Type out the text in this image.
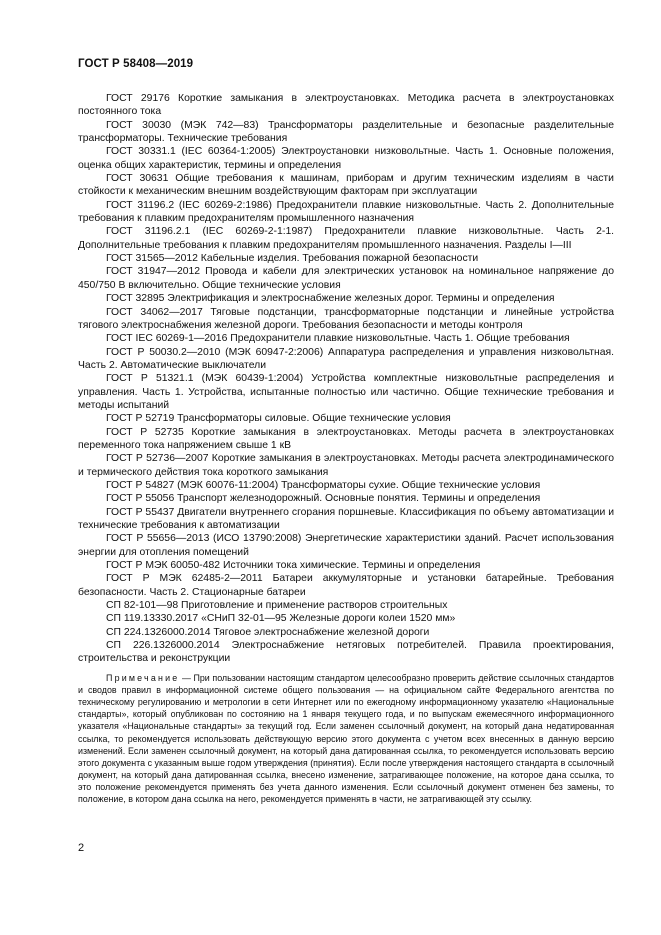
ГОСТ Р 58408—2019

ГОСТ 29176 Короткие замыкания в электроустановках. Методика расчета в электроустановках постоянного тока

ГОСТ 30030 (МЭК 742—83) Трансформаторы разделительные и безопасные разделительные трансформаторы. Технические требования

ГОСТ 30331.1 (IEC 60364-1:2005) Электроустановки низковольтные. Часть 1. Основные положения, оценка общих характеристик, термины и определения

ГОСТ 30631 Общие требования к машинам, приборам и другим техническим изделиям в части стойкости к механическим внешним воздействующим факторам при эксплуатации

ГОСТ 31196.2 (IEC 60269-2:1986) Предохранители плавкие низковольтные. Часть 2. Дополнительные требования к плавким предохранителям промышленного назначения

ГОСТ 31196.2.1 (IEC 60269-2-1:1987) Предохранители плавкие низковольтные. Часть 2-1. Дополнительные требования к плавким предохранителям промышленного назначения. Разделы I—III

ГОСТ 31565—2012 Кабельные изделия. Требования пожарной безопасности

ГОСТ 31947—2012 Провода и кабели для электрических установок на номинальное напряжение до 450/750 В включительно. Общие технические условия

ГОСТ 32895 Электрификация и электроснабжение железных дорог. Термины и определения

ГОСТ 34062—2017 Тяговые подстанции, трансформаторные подстанции и линейные устройства тягового электроснабжения железной дороги. Требования безопасности и методы контроля

ГОСТ IEC 60269-1—2016 Предохранители плавкие низковольтные. Часть 1. Общие требования

ГОСТ Р 50030.2—2010 (МЭК 60947-2:2006) Аппаратура распределения и управления низковольтная. Часть 2. Автоматические выключатели

ГОСТ Р 51321.1 (МЭК 60439-1:2004) Устройства комплектные низковольтные распределения и управления. Часть 1. Устройства, испытанные полностью или частично. Общие технические требования и методы испытаний

ГОСТ Р 52719 Трансформаторы силовые. Общие технические условия

ГОСТ Р 52735 Короткие замыкания в электроустановках. Методы расчета в электроустановках переменного тока напряжением свыше 1 кВ

ГОСТ Р 52736—2007 Короткие замыкания в электроустановках. Методы расчета электродинамического и термического действия тока короткого замыкания

ГОСТ Р 54827 (МЭК 60076-11:2004) Трансформаторы сухие. Общие технические условия

ГОСТ Р 55056 Транспорт железнодорожный. Основные понятия. Термины и определения

ГОСТ Р 55437 Двигатели внутреннего сгорания поршневые. Классификация по объему автоматизации и технические требования к автоматизации

ГОСТ Р 55656—2013 (ИСО 13790:2008) Энергетические характеристики зданий. Расчет использования энергии для отопления помещений

ГОСТ Р МЭК 60050-482 Источники тока химические. Термины и определения

ГОСТ Р МЭК 62485-2—2011 Батареи аккумуляторные и установки батарейные. Требования безопасности. Часть 2. Стационарные батареи

СП 82-101—98 Приготовление и применение растворов строительных

СП 119.13330.2017 «СНиП 32-01—95 Железные дороги колеи 1520 мм»

СП 224.1326000.2014 Тяговое электроснабжение железной дороги

СП 226.1326000.2014 Электроснабжение нетяговых потребителей. Правила проектирования, строительства и реконструкции

Примечание — При пользовании настоящим стандартом целесообразно проверить действие ссылочных стандартов и сводов правил в информационной системе общего пользования — на официальном сайте Федерального агентства по техническому регулированию и метрологии в сети Интернет или по ежегодному информационному указателю «Национальные стандарты», который опубликован по состоянию на 1 января текущего года, и по выпускам ежемесячного информационного указателя «Национальные стандарты» за текущий год. Если заменен ссылочный документ, на который дана недатированная ссылка, то рекомендуется использовать действующую версию этого документа с учетом всех внесенных в данную версию изменений. Если заменен ссылочный документ, на который дана датированная ссылка, то рекомендуется использовать версию этого документа с указанным выше годом утверждения (принятия). Если после утверждения настоящего стандарта в ссылочный документ, на который дана датированная ссылка, внесено изменение, затрагивающее положение, на которое дана ссылка, то это положение рекомендуется применять без учета данного изменения. Если ссылочный документ отменен без замены, то положение, в котором дана ссылка на него, рекомендуется применять в части, не затрагивающей эту ссылку.
2
